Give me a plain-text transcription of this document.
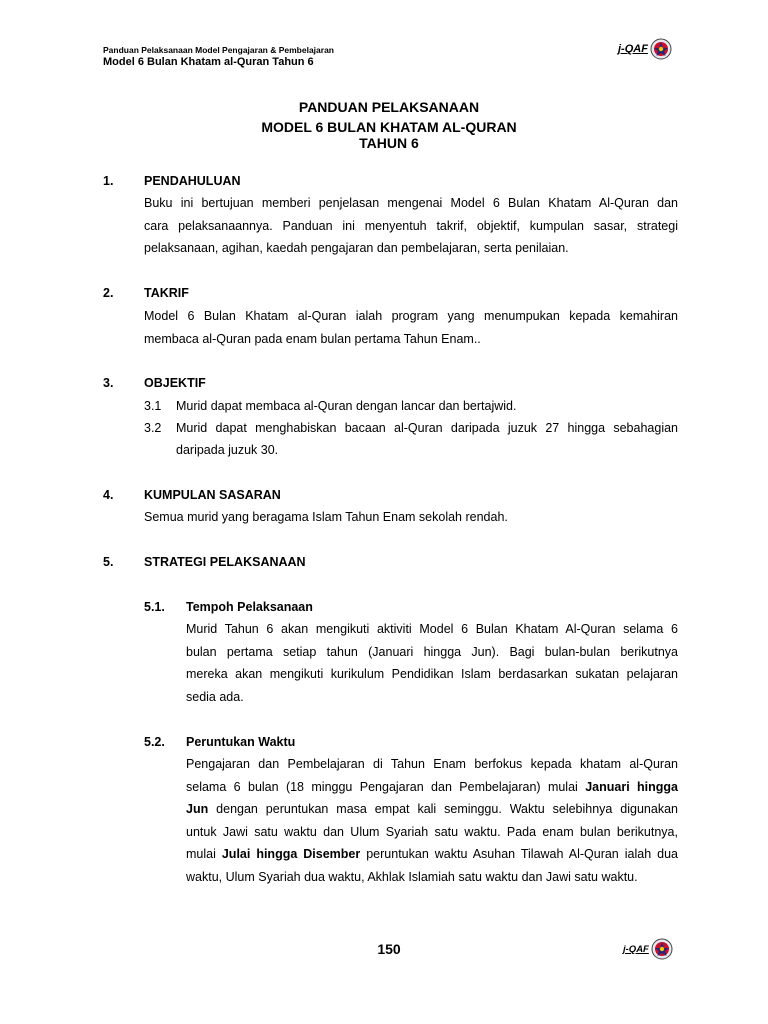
Panduan Pelaksanaan Model Pengajaran & Pembelajaran
Model 6 Bulan Khatam al-Quran Tahun 6
j-QAF
PANDUAN PELAKSANAAN
MODEL 6 BULAN KHATAM AL-QURAN
TAHUN 6
1. PENDAHULUAN
Buku ini bertujuan memberi penjelasan mengenai Model 6 Bulan Khatam Al-Quran dan
cara pelaksanaannya. Panduan ini menyentuh takrif, objektif, kumpulan sasar, strategi
pelaksanaan, agihan, kaedah pengajaran dan pembelajaran, serta penilaian.
2. TAKRIF
Model 6 Bulan Khatam al-Quran ialah program yang menumpukan kepada kemahiran
membaca al-Quran pada enam bulan pertama Tahun Enam..
3. OBJEKTIF
3.1 Murid dapat membaca al-Quran dengan lancar dan bertajwid.
3.2 Murid dapat menghabiskan bacaan al-Quran daripada juzuk 27 hingga sebahagian daripada juzuk 30.
4. KUMPULAN SASARAN
Semua murid yang beragama Islam Tahun Enam sekolah rendah.
5. STRATEGI PELAKSANAAN
5.1. Tempoh Pelaksanaan
Murid Tahun 6 akan mengikuti aktiviti Model 6 Bulan Khatam Al-Quran selama 6
bulan pertama setiap tahun (Januari hingga Jun). Bagi bulan-bulan berikutnya
mereka akan mengikuti kurikulum Pendidikan Islam berdasarkan sukatan pelajaran
sedia ada.
5.2. Peruntukan Waktu
Pengajaran dan Pembelajaran di Tahun Enam berfokus kepada khatam al-Quran
selama 6 bulan (18 minggu Pengajaran dan Pembelajaran) mulai Januari hingga
Jun dengan peruntukan masa empat kali seminggu. Waktu selebihnya digunakan
untuk Jawi satu waktu dan Ulum Syariah satu waktu. Pada enam bulan berikutnya,
mulai Julai hingga Disember peruntukan waktu Asuhan Tilawah Al-Quran ialah dua
waktu, Ulum Syariah dua waktu, Akhlak Islamiah satu waktu dan Jawi satu waktu.
150	j-QAF
